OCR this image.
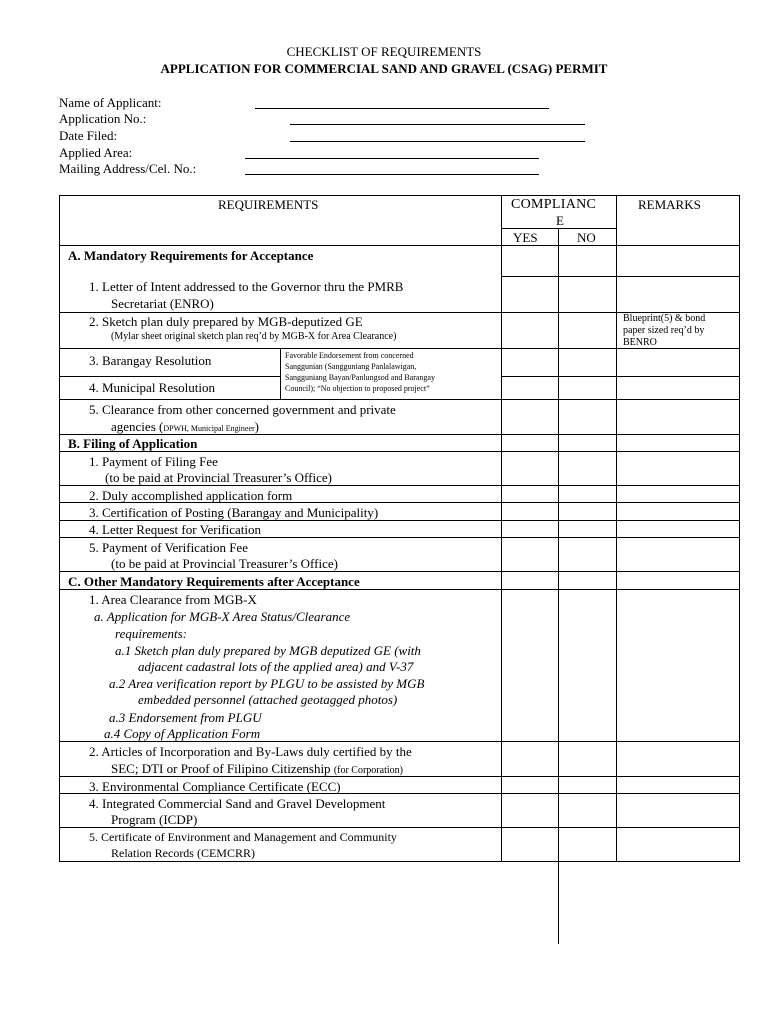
CHECKLIST OF REQUIREMENTS
APPLICATION FOR COMMERCIAL SAND AND GRAVEL (CSAG) PERMIT
Name of Applicant:
Application No.:
Date Filed:
Applied Area:
Mailing Address/Cel. No.:
REQUIREMENTS	COMPLIANC
E
YES	NO
REMARKS
A. Mandatory Requirements for Acceptance
1. Letter of Intent addressed to the Governor thru the PMRB
Secretariat (ENRO)
2. Sketch plan duly prepared by MGB-deputized GE
(Mylar sheet original sketch plan req’d by MGB-X for Area Clearance)
Blueprint(5) & bond
paper sized req’d by
BENRO
3. Barangay Resolution
4. Municipal Resolution
Favorable Endorsement from concerned
Sanggunian (Sangguniang Panlalawigan,
Sangguniang Bayan/Panlungsod and Barangay
Council); “No objection to proposed project”
5. Clearance from other concerned government and private
agencies (DPWH, Municipal Engineer)
B. Filing of Application
1. Payment of Filing Fee
(to be paid at Provincial Treasurer’s Office)
2. Duly accomplished application form
3. Certification of Posting (Barangay and Municipality)
4. Letter Request for Verification
5. Payment of Verification Fee
(to be paid at Provincial Treasurer’s Office)
C. Other Mandatory Requirements after Acceptance
1. Area Clearance from MGB-X
a. Application for MGB-X Area Status/Clearance
requirements:
a.1 Sketch plan duly prepared by MGB deputized GE (with
adjacent cadastral lots of the applied area) and V-37
a.2 Area verification report by PLGU to be assisted by MGB
embedded personnel (attached geotagged photos)
a.3 Endorsement from PLGU
a.4 Copy of Application Form
2. Articles of Incorporation and By-Laws duly certified by the
SEC; DTI or Proof of Filipino Citizenship (for Corporation)
3. Environmental Compliance Certificate (ECC)
4. Integrated Commercial Sand and Gravel Development
Program (ICDP)
5. Certificate of Environment and Management and Community
Relation Records (CEMCRR)
